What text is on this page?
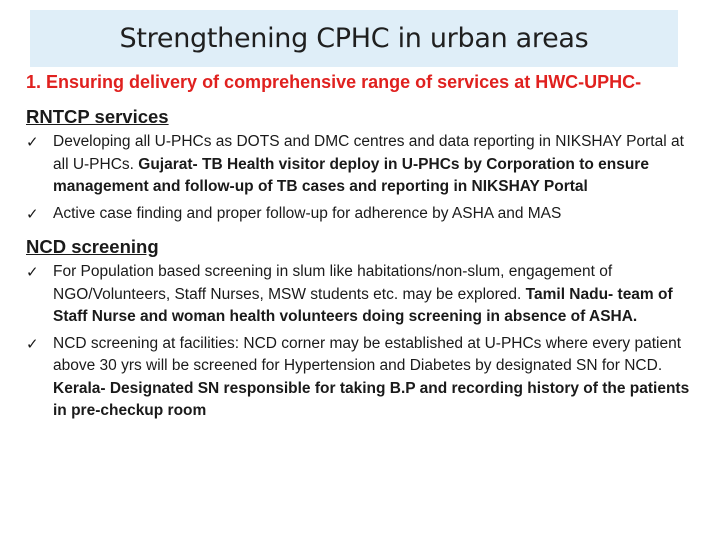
Strengthening CPHC in urban areas

1. Ensuring delivery of comprehensive range of services at HWC-UPHC-

RNTCP services
✓ Developing all U-PHCs as DOTS and DMC centres and data reporting in NIKSHAY Portal at all U-PHCs. Gujarat- TB Health visitor deploy in U-PHCs by Corporation to ensure management and follow-up of TB cases and reporting in NIKSHAY Portal
✓ Active case finding and proper follow-up for adherence by ASHA and MAS
NCD screening
✓ For Population based screening in slum like habitations/non-slum, engagement of NGO/Volunteers, Staff Nurses, MSW students etc. may be explored. Tamil Nadu- team of Staff Nurse and woman health volunteers doing screening in absence of ASHA.
✓ NCD screening at facilities: NCD corner may be established at U-PHCs where every patient above 30 yrs will be screened for Hypertension and Diabetes by designated SN for NCD. Kerala- Designated SN responsible for taking B.P and recording history of the patients in pre-checkup room
